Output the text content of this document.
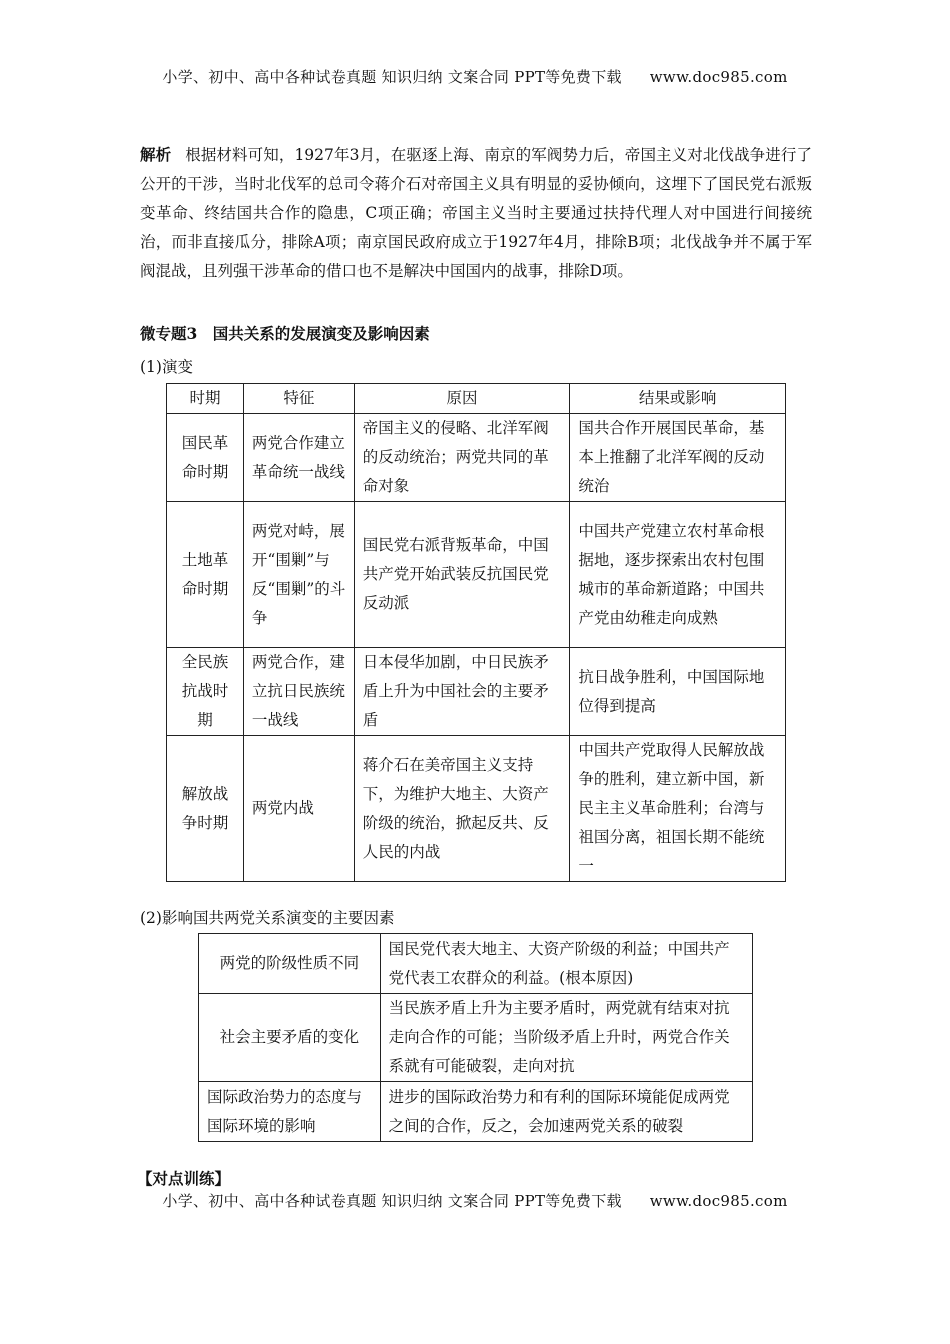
小学、初中、高中各种试卷真题 知识归纳 文案合同 PPT等免费下载 www.doc985.com
解析 根据材料可知，1927年3月，在驱逐上海、南京的军阀势力后，帝国主义对北伐战争进行了公开的干涉，当时北伐军的总司令蒋介石对帝国主义具有明显的妥协倾向，这埋下了国民党右派叛变革命、终结国共合作的隐患，C项正确；帝国主义当时主要通过扶持代理人对中国进行间接统治，而非直接瓜分，排除A项；南京国民政府成立于1927年4月，排除B项；北伐战争并不属于军阀混战，且列强干涉革命的借口也不是解决中国国内的战事，排除D项。
微专题3　国共关系的发展演变及影响因素
(1)演变
时期	特征	原因	结果或影响
国民革命时期	两党合作建立革命统一战线	帝国主义的侵略、北洋军阀的反动统治；两党共同的革命对象	国共合作开展国民革命，基本上推翻了北洋军阀的反动统治
土地革命时期	两党对峙，展开“围剿”与反“围剿”的斗争	国民党右派背叛革命，中国共产党开始武装反抗国民党反动派	中国共产党建立农村革命根据地，逐步探索出农村包围城市的革命新道路；中国共产党由幼稚走向成熟
全民族抗战时期	两党合作，建立抗日民族统一战线	日本侵华加剧，中日民族矛盾上升为中国社会的主要矛盾	抗日战争胜利，中国国际地位得到提高
解放战争时期	两党内战	蒋介石在美帝国主义支持下，为维护大地主、大资产阶级的统治，掀起反共、反人民的内战	中国共产党取得人民解放战争的胜利，建立新中国，新民主主义革命胜利；台湾与祖国分离，祖国长期不能统一
(2)影响国共两党关系演变的主要因素
两党的阶级性质不同	国民党代表大地主、大资产阶级的利益；中国共产党代表工农群众的利益。(根本原因)
社会主要矛盾的变化	当民族矛盾上升为主要矛盾时，两党就有结束对抗走向合作的可能；当阶级矛盾上升时，两党合作关系就有可能破裂，走向对抗
国际政治势力的态度与国际环境的影响	进步的国际政治势力和有利的国际环境能促成两党之间的合作，反之，会加速两党关系的破裂
【对点训练】
小学、初中、高中各种试卷真题 知识归纳 文案合同 PPT等免费下载 www.doc985.com
